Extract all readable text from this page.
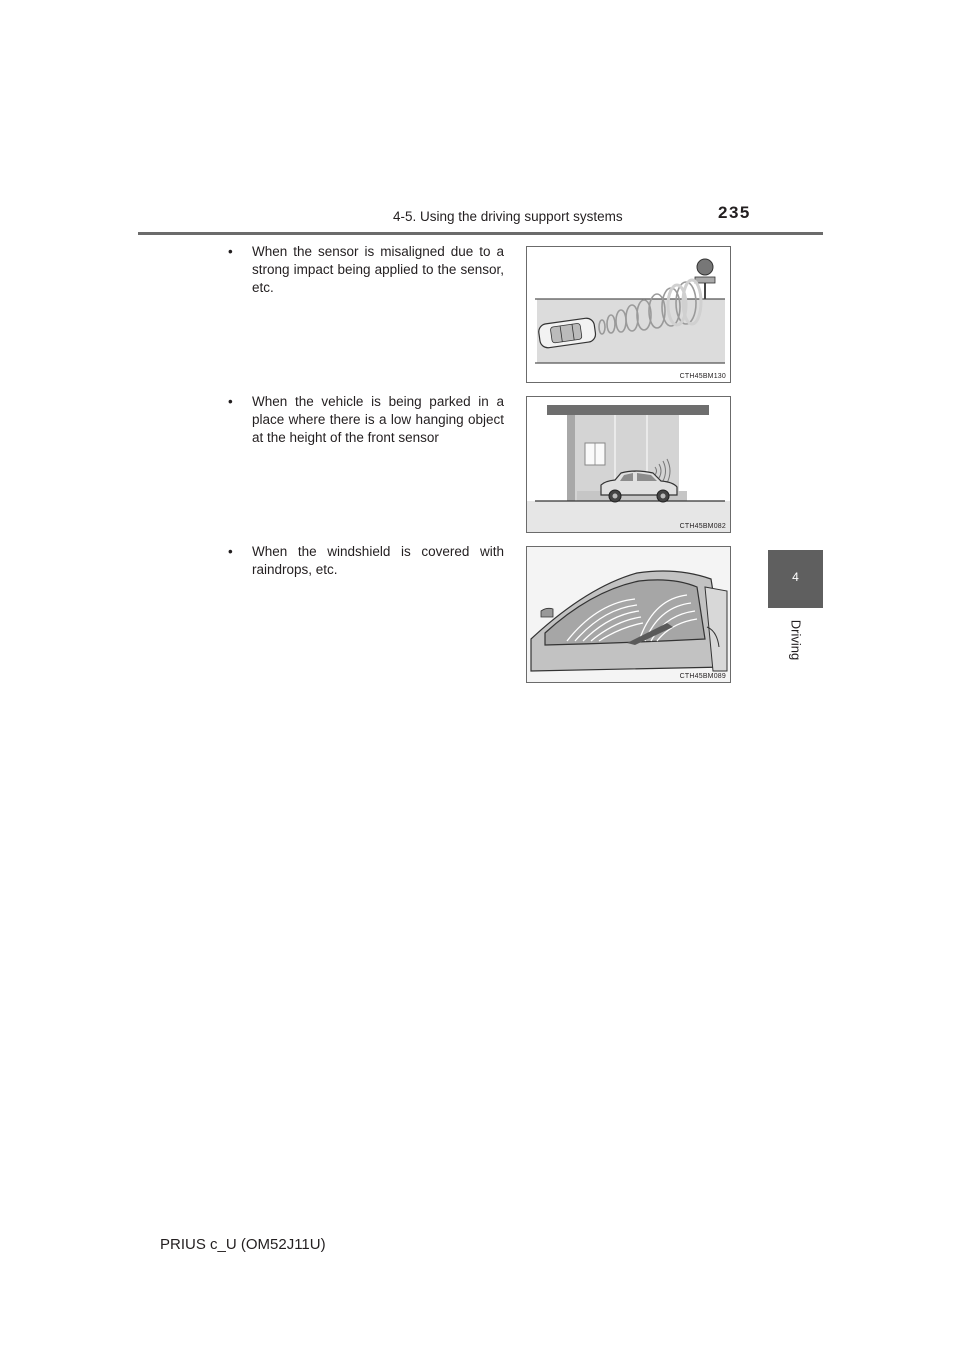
4-5. Using the driving support systems	235
4
Driving
•	When the sensor is misaligned due to a strong impact being applied to the sensor, etc.
CTH45BM130
•	When the vehicle is being parked in a place where there is a low hanging object at the height of the front sensor
CTH45BM082
•	When the windshield is covered with raindrops, etc.
CTH45BM089
PRIUS c_U (OM52J11U)
